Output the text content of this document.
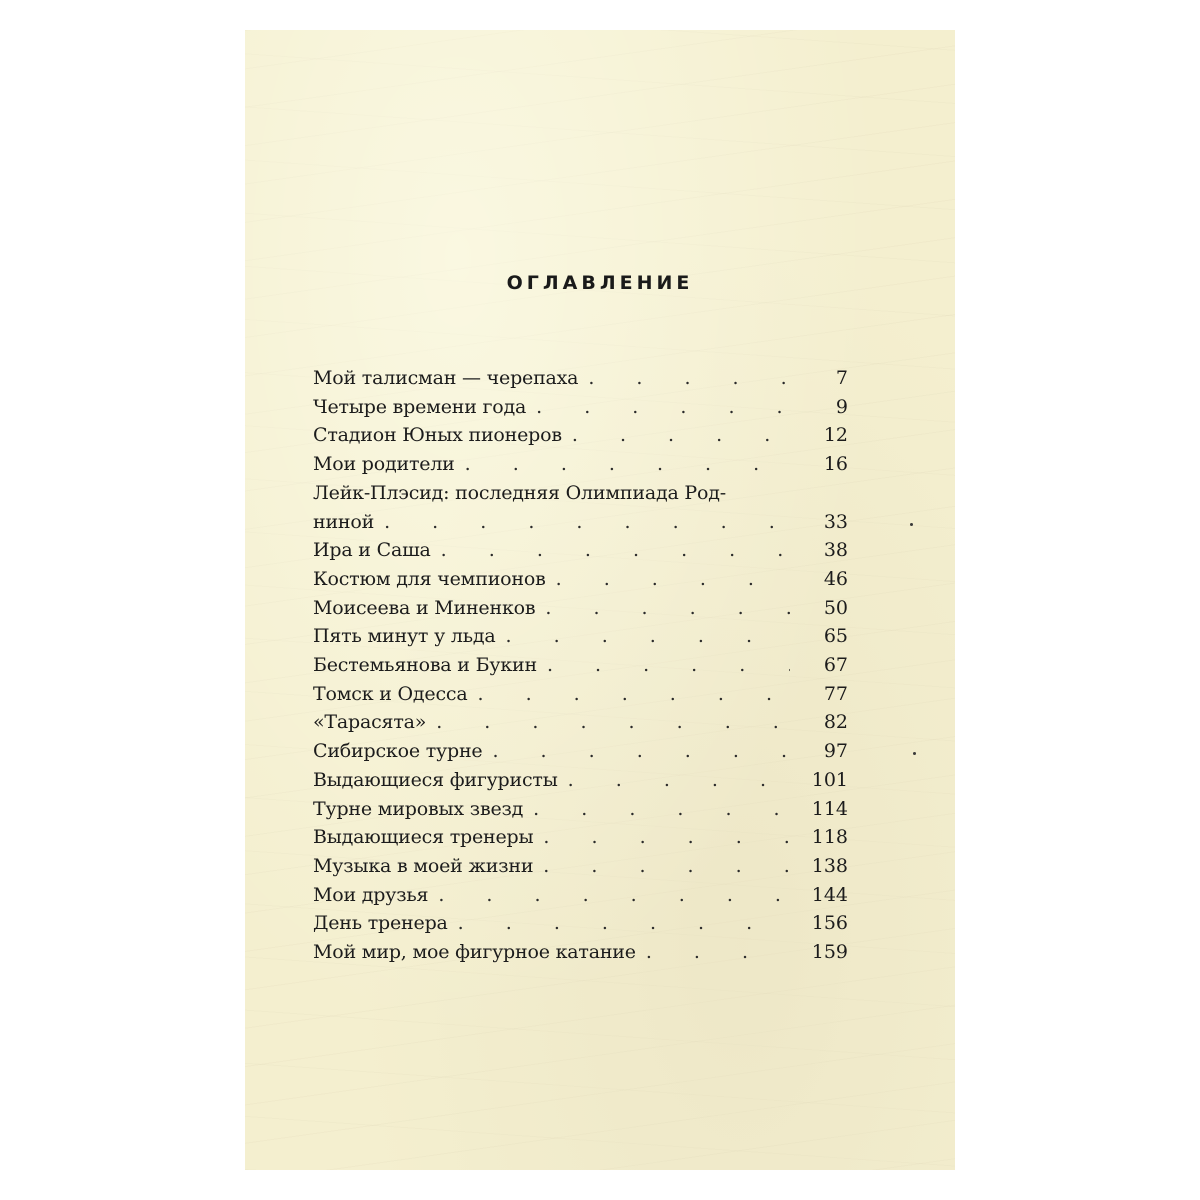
ОГЛАВЛЕНИЕ
Мой талисман — черепаха . . .	7
Четыре времени года . . .	9
Стадион Юных пионеров . . .	12
Мои родители . . .	16
Лейк-Плэсид: последняя Олимпиада Род-
ниной . . .	33
Ира и Саша . . .	38
Костюм для чемпионов . . .	46
Моисеева и Миненков . . .	50
Пять минут у льда . . .	65
Бестемьянова и Букин . . .	67
Томск и Одесса . . .	77
«Тарасята» . . .	82
Сибирское турне . . .	97
Выдающиеся фигуристы . . .	101
Турне мировых звезд . . .	114
Выдающиеся тренеры . . .	118
Музыка в моей жизни . . .	138
Мои друзья . . .	144
День тренера . . .	156
Мой мир, мое фигурное катание . . .	159
